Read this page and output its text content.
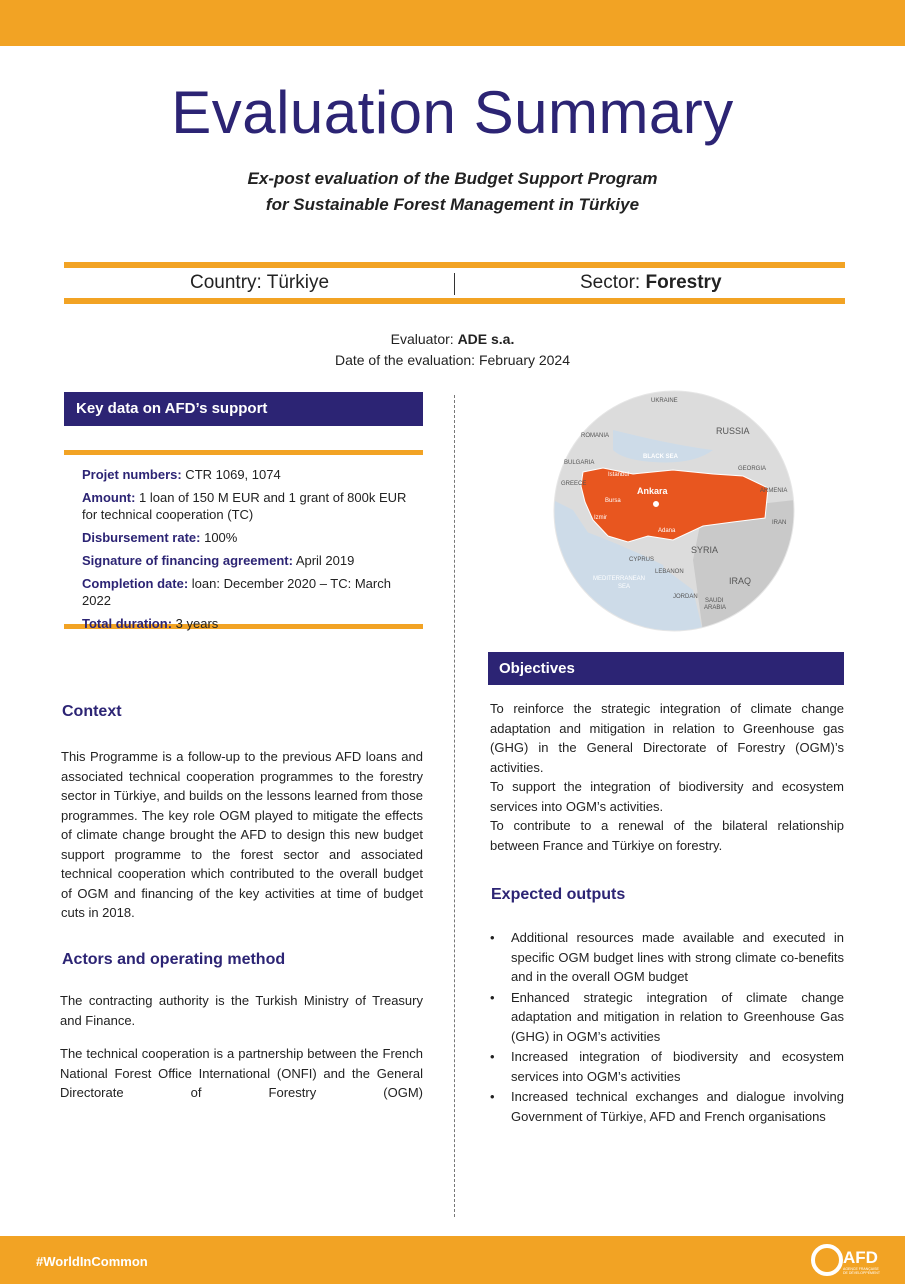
Evaluation Summary
Ex-post evaluation of the Budget Support Program
for Sustainable Forest Management in Türkiye
Country: Türkiye	Sector: Forestry
Evaluator: ADE s.a.
Date of the evaluation: February 2024
Key data on AFD’s support
Projet numbers: CTR 1069, 1074
Amount: 1 loan of 150 M EUR and 1 grant of 800k EUR for technical cooperation (TC)
Disbursement rate: 100%
Signature of financing agreement: April 2019
Completion date: loan: December 2020 – TC: March 2022
Total duration: 3 years
UKRAINE
RUSSIA
ROMANIA
BLACK SEA
BULGARIA
GEORGIA
Istanbul
GREECE
Ankara	ARMENIA
Bursa
Izmir
IRAN
Adana
SYRIA
CYPRUS
LEBANON
MEDITERRANEAN
SEA
IRAQ
JORDAN
SAUDI
ARABIA
Objectives

To reinforce the strategic integration of climate change adaptation and mitigation in relation to Greenhouse gas (GHG) in the General Directorate of Forestry (OGM)’s activities.

To support the integration of biodiversity and ecosystem services into OGM’s activities.

To contribute to a renewal of the bilateral relationship between France and Türkiye on forestry.

Context
This Programme is a follow-up to the previous AFD loans and associated technical cooperation programmes to the forestry sector in Türkiye, and builds on the lessons learned from those programmes. The key role OGM played to mitigate the effects of climate change brought the AFD to design this new budget support programme to the forest sector and associated technical cooperation which contributed to the overall budget of OGM and financing of the key activities at time of budget cuts in 2018.
Actors and operating method
The contracting authority is the Turkish Ministry of Treasury and Finance.
The technical cooperation is a partnership between the French National Forest Office International (ONFI) and the General Directorate of Forestry (OGM)
Expected outputs
• Additional resources made available and executed in specific OGM budget lines with strong climate co-benefits and in the overall OGM budget
• Enhanced strategic integration of climate change adaptation and mitigation in relation to Greenhouse Gas (GHG) in OGM’s activities
• Increased integration of biodiversity and ecosystem services into OGM’s activities
• Increased technical exchanges and dialogue involving Government of Türkiye, AFD and French organisations
#WorldInCommon	AFD
AGENCE FRANÇAISE
DE DÉVELOPPEMENT
